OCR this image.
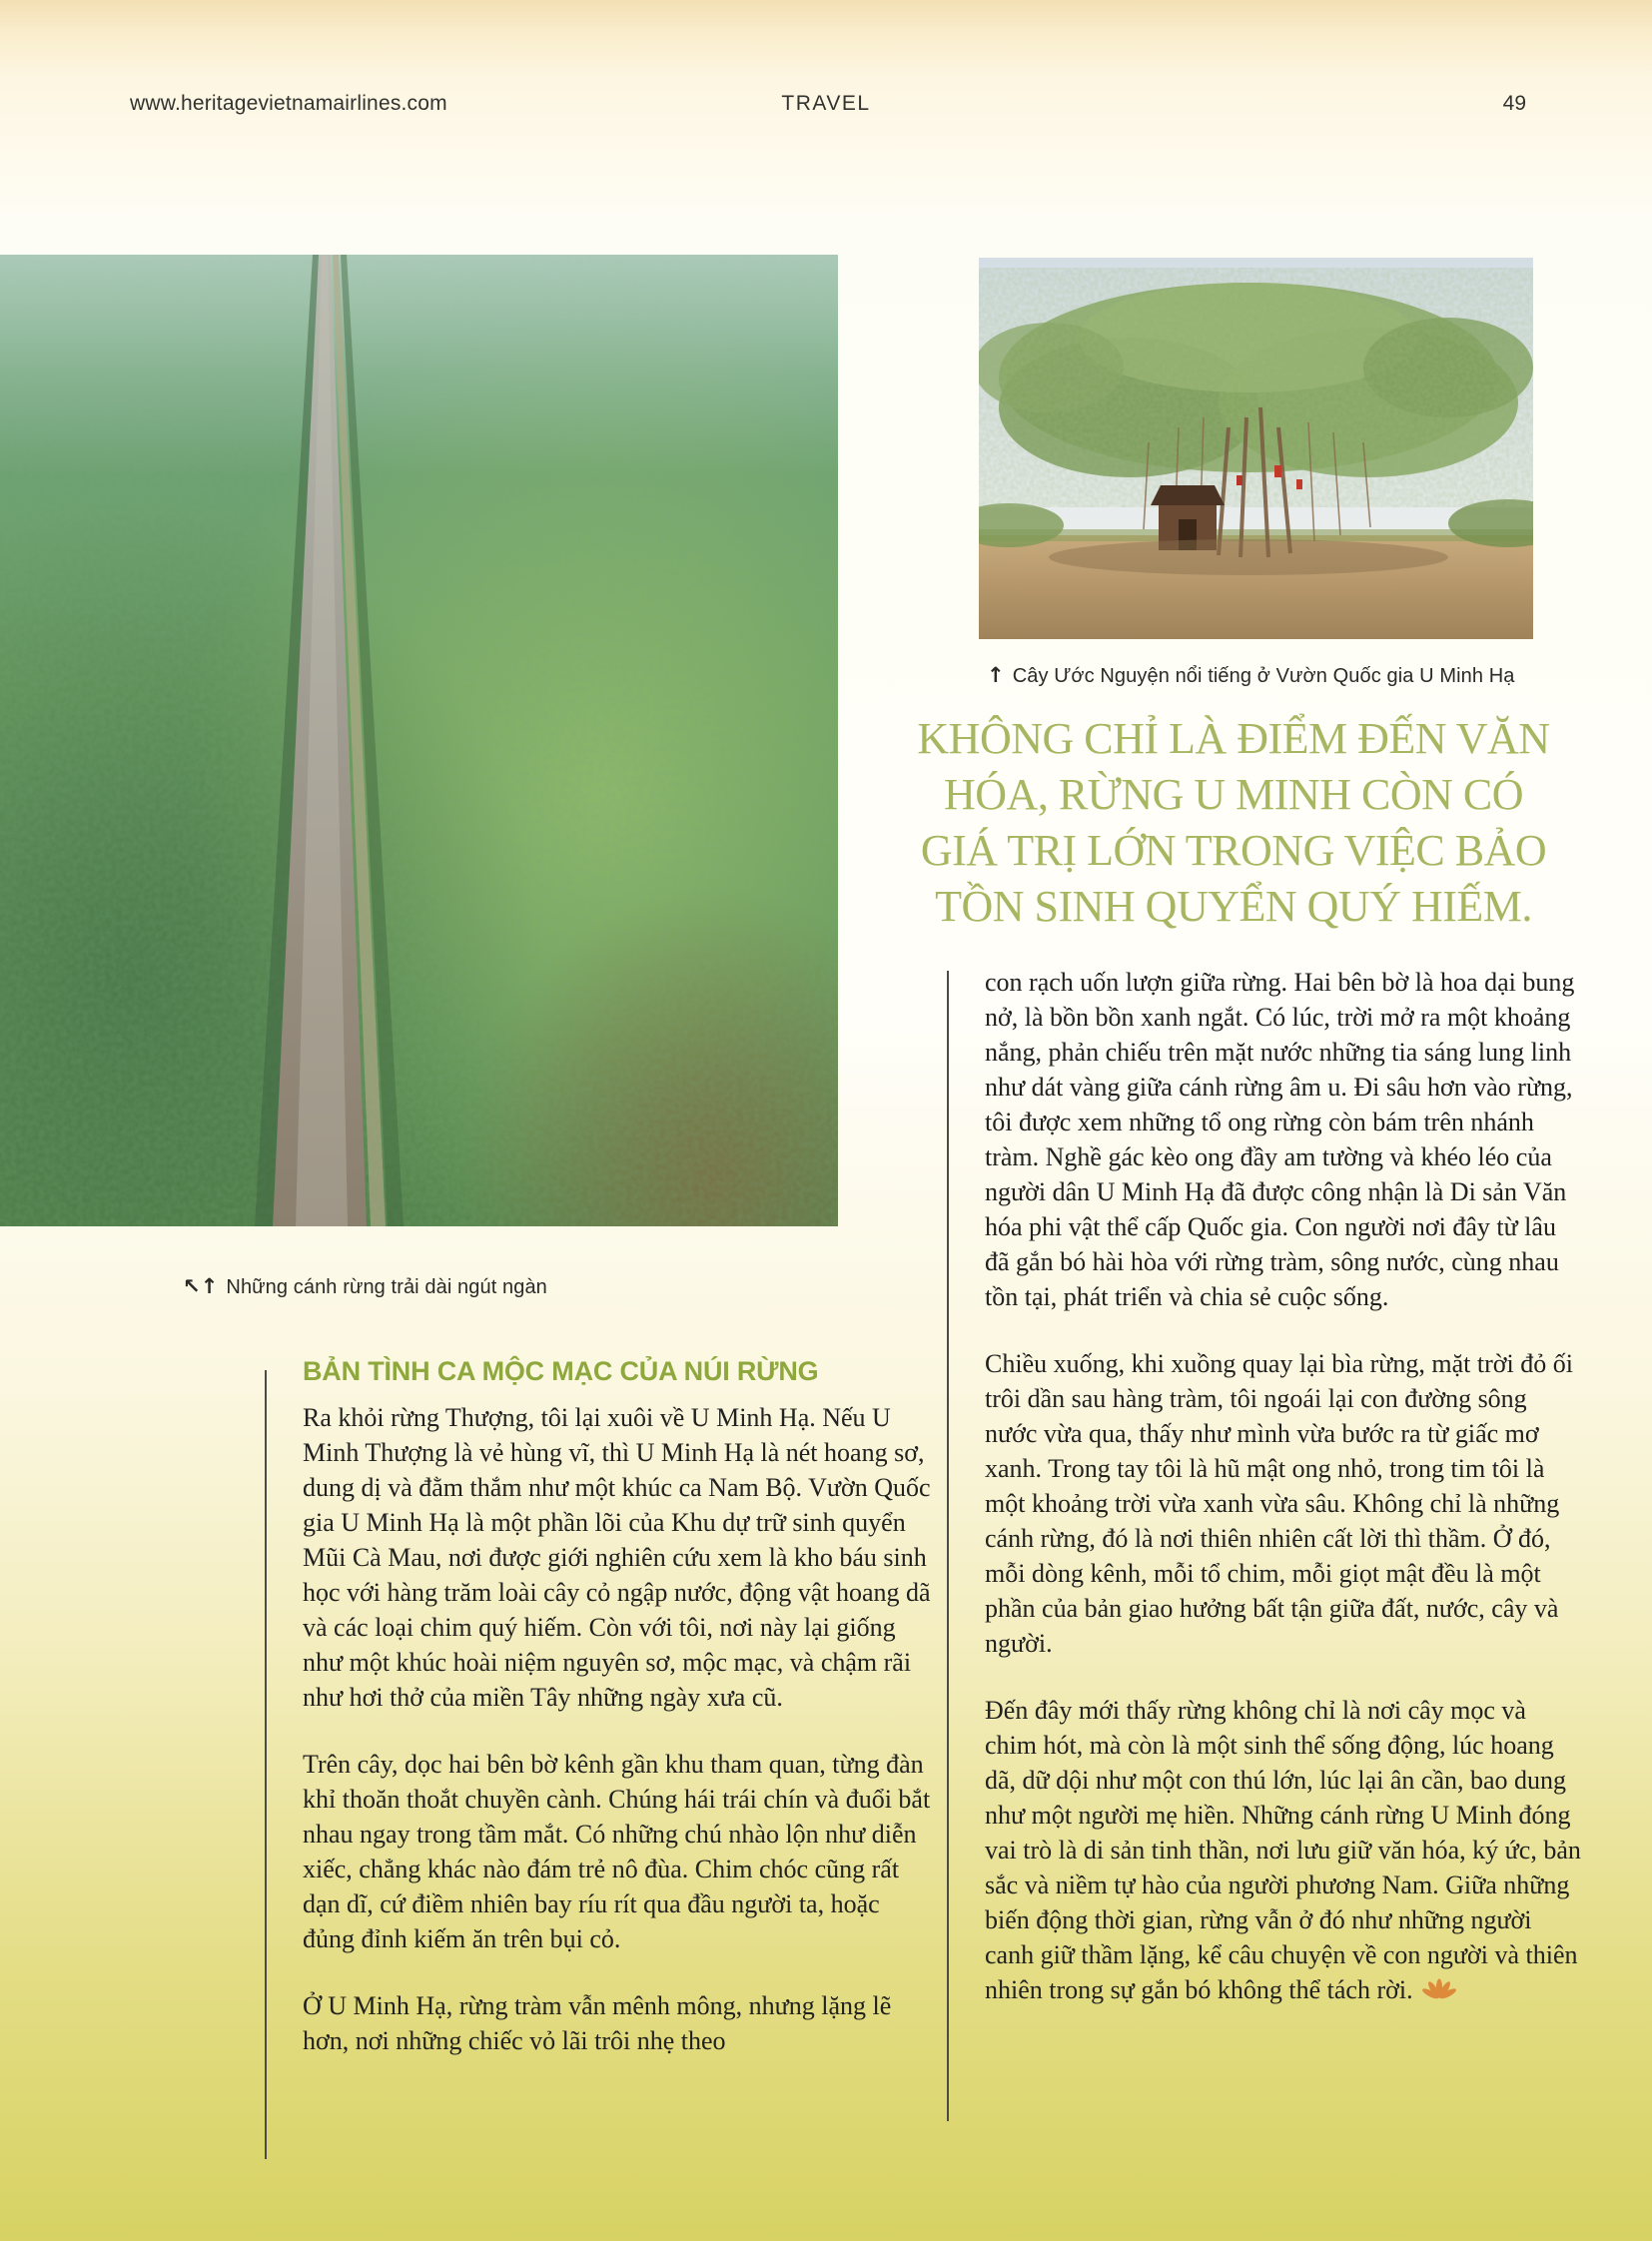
www.heritagevietnamairlines.com	TRAVEL	49
↖↑ Những cánh rừng trải dài ngút ngàn
↑ Cây Ước Nguyện nổi tiếng ở Vườn Quốc gia U Minh Hạ
KHÔNG CHỈ LÀ ĐIỂM ĐẾN VĂN
HÓA, RỪNG U MINH CÒN CÓ
GIÁ TRỊ LỚN TRONG VIỆC BẢO
TỒN SINH QUYỂN QUÝ HIẾM.
BẢN TÌNH CA MỘC MẠC CỦA NÚI RỪNG

Ra khỏi rừng Thượng, tôi lại xuôi về U Minh Hạ. Nếu U Minh Thượng là vẻ hùng vĩ, thì U Minh Hạ là nét hoang sơ, dung dị và đằm thắm như một khúc ca Nam Bộ. Vườn Quốc gia U Minh Hạ là một phần lõi của Khu dự trữ sinh quyển Mũi Cà Mau, nơi được giới nghiên cứu xem là kho báu sinh học với hàng trăm loài cây cỏ ngập nước, động vật hoang dã và các loại chim quý hiếm. Còn với tôi, nơi này lại giống như một khúc hoài niệm nguyên sơ, mộc mạc, và chậm rãi như hơi thở của miền Tây những ngày xưa cũ.

Trên cây, dọc hai bên bờ kênh gần khu tham quan, từng đàn khỉ thoăn thoắt chuyền cành. Chúng hái trái chín và đuổi bắt nhau ngay trong tầm mắt. Có những chú nhào lộn như diễn xiếc, chẳng khác nào đám trẻ nô đùa. Chim chóc cũng rất dạn dĩ, cứ điềm nhiên bay ríu rít qua đầu người ta, hoặc đủng đỉnh kiếm ăn trên bụi cỏ.

Ở U Minh Hạ, rừng tràm vẫn mênh mông, nhưng lặng lẽ hơn, nơi những chiếc vỏ lãi trôi nhẹ theo

con rạch uốn lượn giữa rừng. Hai bên bờ là hoa dại bung nở, là bồn bồn xanh ngắt. Có lúc, trời mở ra một khoảng nắng, phản chiếu trên mặt nước những tia sáng lung linh như dát vàng giữa cánh rừng âm u. Đi sâu hơn vào rừng, tôi được xem những tổ ong rừng còn bám trên nhánh tràm. Nghề gác kèo ong đầy am tường và khéo léo của người dân U Minh Hạ đã được công nhận là Di sản Văn hóa phi vật thể cấp Quốc gia. Con người nơi đây từ lâu đã gắn bó hài hòa với rừng tràm, sông nước, cùng nhau tồn tại, phát triển và chia sẻ cuộc sống.

Chiều xuống, khi xuồng quay lại bìa rừng, mặt trời đỏ ối trôi dần sau hàng tràm, tôi ngoái lại con đường sông nước vừa qua, thấy như mình vừa bước ra từ giấc mơ xanh. Trong tay tôi là hũ mật ong nhỏ, trong tim tôi là một khoảng trời vừa xanh vừa sâu. Không chỉ là những cánh rừng, đó là nơi thiên nhiên cất lời thì thầm. Ở đó, mỗi dòng kênh, mỗi tổ chim, mỗi giọt mật đều là một phần của bản giao hưởng bất tận giữa đất, nước, cây và người.

Đến đây mới thấy rừng không chỉ là nơi cây mọc và chim hót, mà còn là một sinh thể sống động, lúc hoang dã, dữ dội như một con thú lớn, lúc lại ân cần, bao dung như một người mẹ hiền. Những cánh rừng U Minh đóng vai trò là di sản tinh thần, nơi lưu giữ văn hóa, ký ức, bản sắc và niềm tự hào của người phương Nam. Giữa những biến động thời gian, rừng vẫn ở đó như những người canh giữ thầm lặng, kể câu chuyện về con người và thiên nhiên trong sự gắn bó không thể tách rời.
